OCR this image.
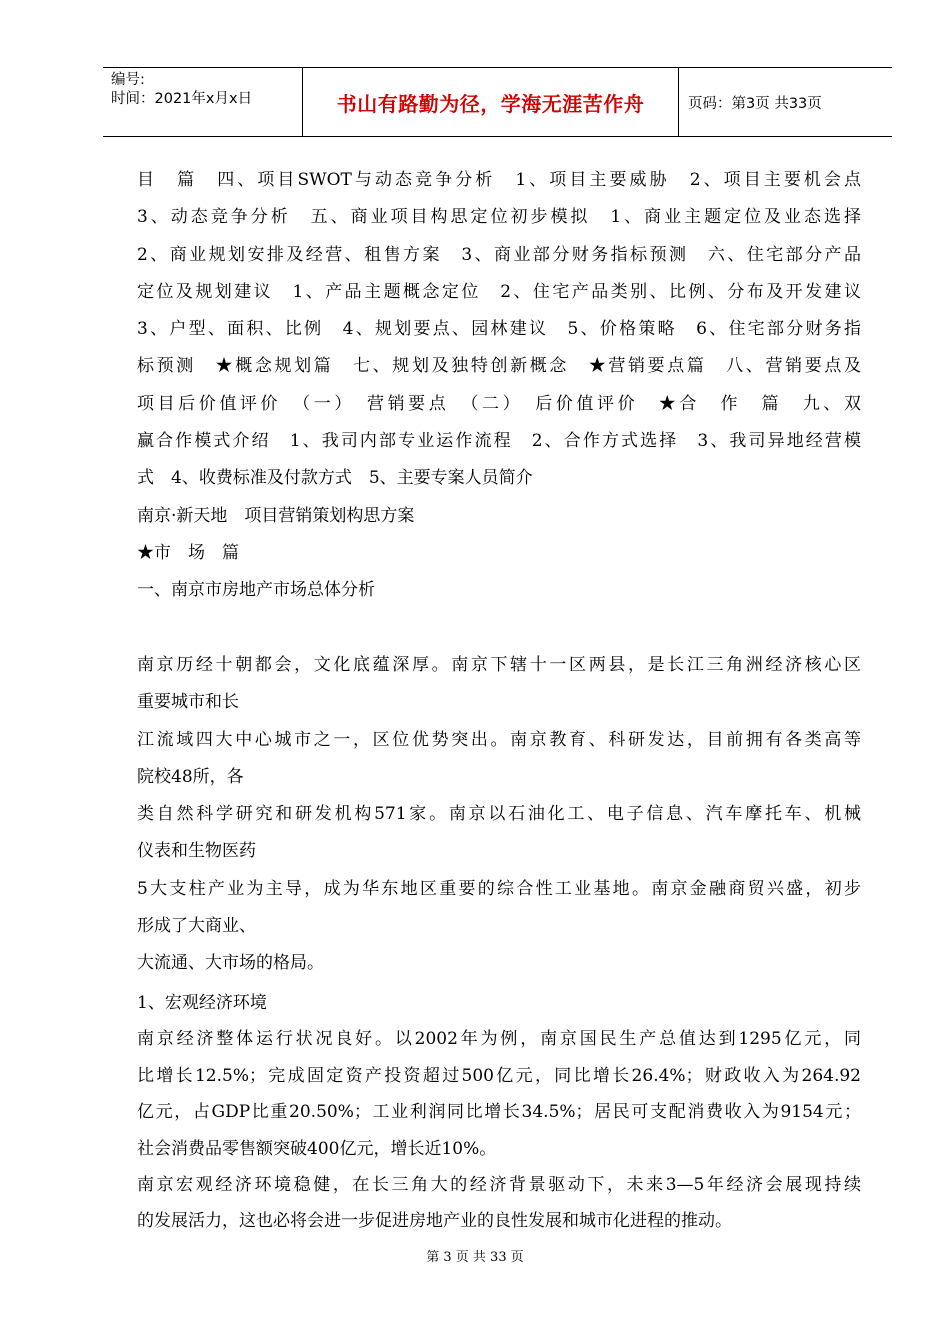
编号:
时间：2021年x月x日	书山有路勤为径，学海无涯苦作舟	页码：第3页 共33页
目　篇　四、项目SWOT与动态竞争分析　1、项目主要威胁　2、项目主要机会点
3、动态竞争分析　五、商业项目构思定位初步模拟　1、商业主题定位及业态选择
2、商业规划安排及经营、租售方案　3、商业部分财务指标预测　六、住宅部分产品
定位及规划建议　1、产品主题概念定位　2、住宅产品类别、比例、分布及开发建议
3、户型、面积、比例　4、规划要点、园林建议　5、价格策略　6、住宅部分财务指
标预测　★概念规划篇　七、规划及独特创新概念　★营销要点篇　八、营销要点及
项目后价值评价　（一）　营销要点　（二）　后价值评价　★合　作　篇　九、双
赢合作模式介绍　1、我司内部专业运作流程　2、合作方式选择　3、我司异地经营模
式　4、收费标准及付款方式　5、主要专案人员简介
南京·新天地　项目营销策划构思方案
★市　场　篇
一、南京市房地产市场总体分析
南京历经十朝都会，文化底蕴深厚。南京下辖十一区两县，是长江三角洲经济核心区
重要城市和长
江流域四大中心城市之一，区位优势突出。南京教育、科研发达，目前拥有各类高等
院校48所，各
类自然科学研究和研发机构571家。南京以石油化工、电子信息、汽车摩托车、机械
仪表和生物医药
5大支柱产业为主导，成为华东地区重要的综合性工业基地。南京金融商贸兴盛，初步
形成了大商业、
大流通、大市场的格局。
1、宏观经济环境
南京经济整体运行状况良好。以2002年为例，南京国民生产总值达到1295亿元，同
比增长12.5%；完成固定资产投资超过500亿元，同比增长26.4%；财政收入为264.92
亿元，占GDP比重20.50%；工业利润同比增长34.5%；居民可支配消费收入为9154元；
社会消费品零售额突破400亿元，增长近10%。
南京宏观经济环境稳健，在长三角大的经济背景驱动下，未来3—5年经济会展现持续
的发展活力，这也必将会进一步促进房地产业的良性发展和城市化进程的推动。
第 3 页 共 33 页
